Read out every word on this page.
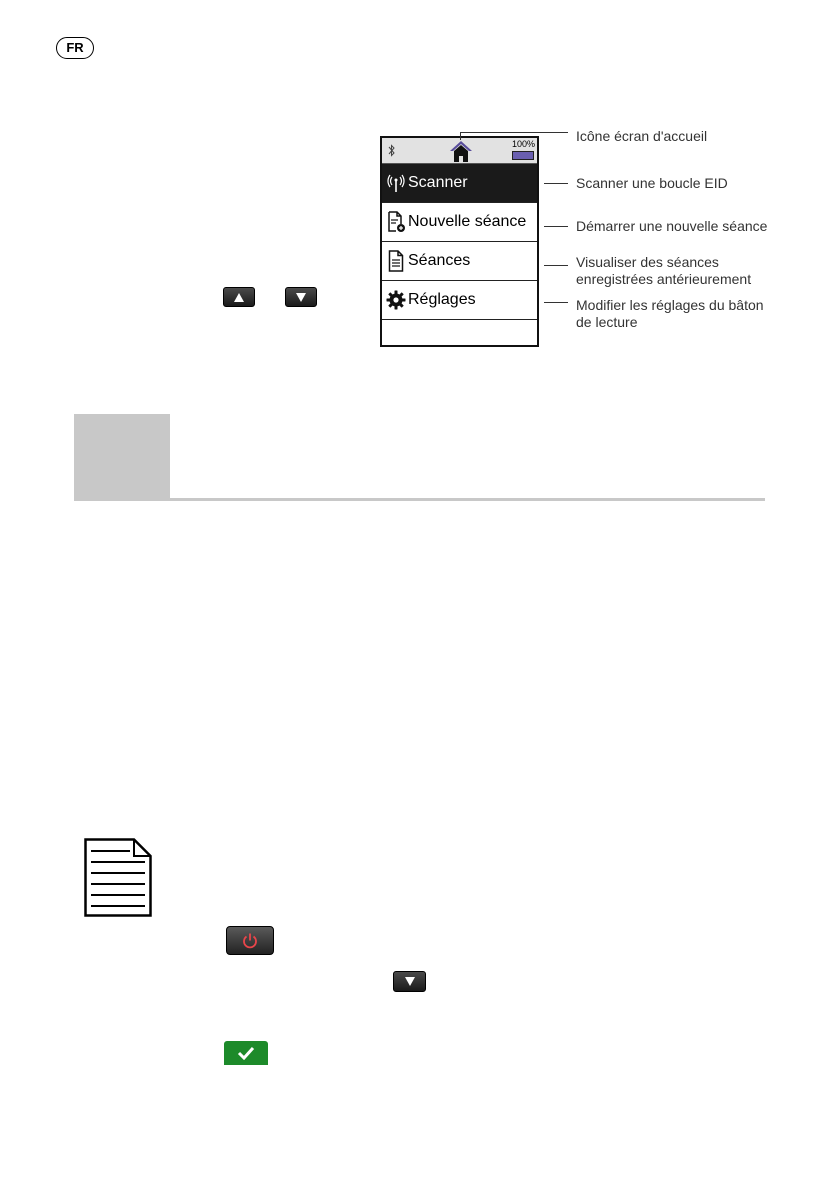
FR
100%
Scanner
Nouvelle séance
Séances
Réglages
Icône écran d'accueil
Scanner une boucle EID
Démarrer une nouvelle séance
Visualiser des séances
enregistrées antérieurement
Modifier les réglages du bâton
de lecture
